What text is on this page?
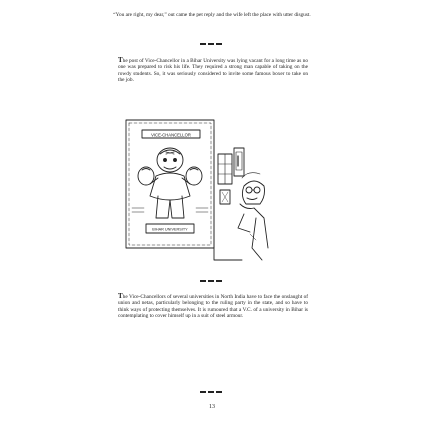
“You are right, my dear,” out came the pet reply and the wife left the place with utter disgust.

The post of Vice-Chancellor in a Bihar University was lying vacant for a long time as no one was prepared to risk his life. They required a strong man capable of taking on the rowdy students. So, it was seriously considered to invite some famous boxer to take on the job.

VICE-CHANCELLOR
BIHAR UNIVERSITY

The Vice-Chancellors of several universities in North India have to face the onslaught of union and netas, particularly belonging to the ruling party in the state, and so have to think ways of protecting themselves. It is rumoured that a V.C. of a university in Bihar is contemplating to cover himself up in a suit of steel armour.

13
